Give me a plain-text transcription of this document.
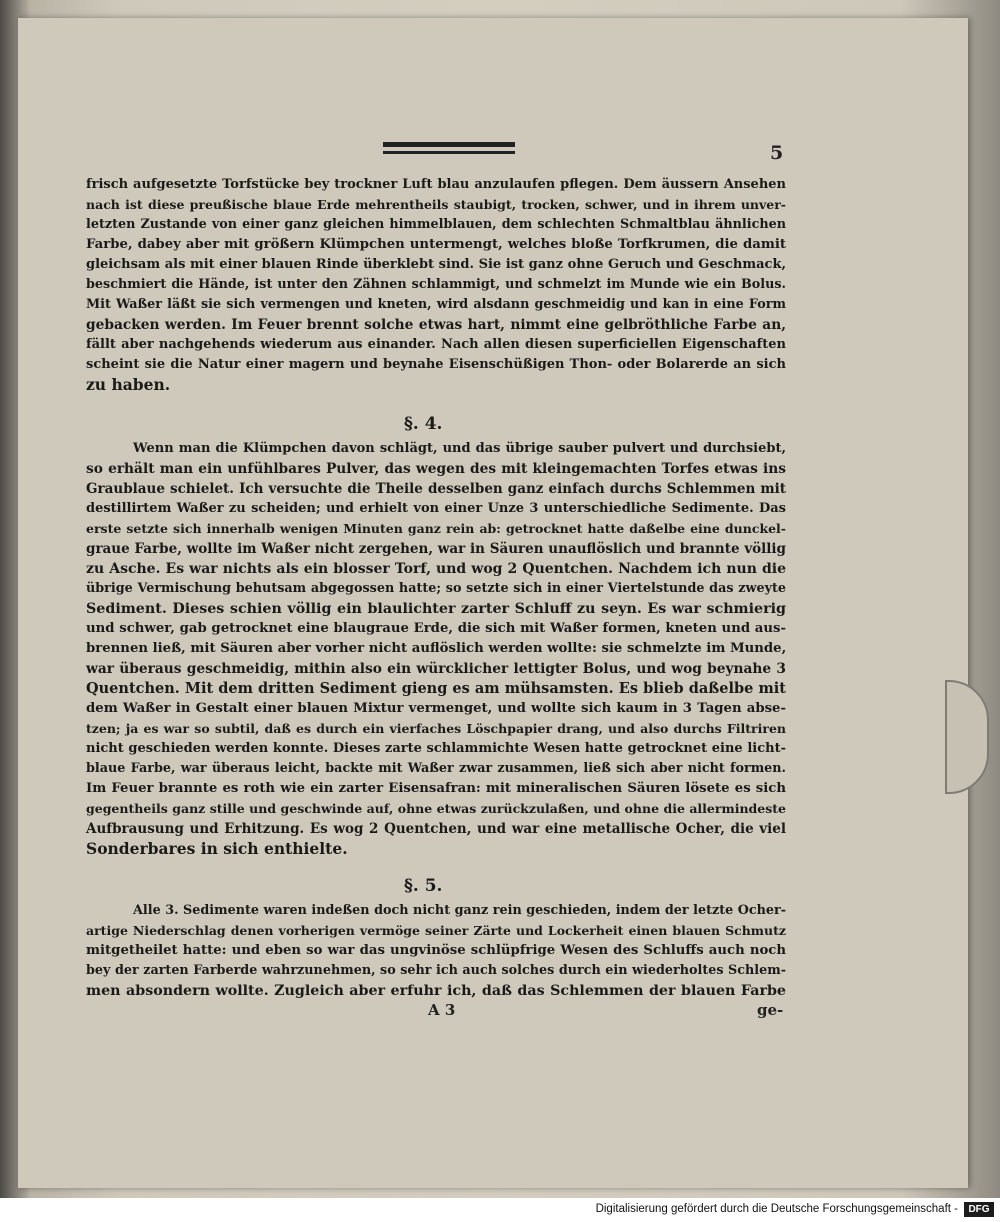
5
frisch aufgesetzte Torfstücke bey trockner Luft blau anzulaufen pflegen. Dem äussern Ansehen
nach ist diese preußische blaue Erde mehrentheils staubigt, trocken, schwer, und in ihrem unver-
letzten Zustande von einer ganz gleichen himmelblauen, dem schlechten Schmaltblau ähnlichen
Farbe, dabey aber mit größern Klümpchen untermengt, welches bloße Torfkrumen, die damit
gleichsam als mit einer blauen Rinde überklebt sind. Sie ist ganz ohne Geruch und Geschmack,
beschmiert die Hände, ist unter den Zähnen schlammigt, und schmelzt im Munde wie ein Bolus.
Mit Waßer läßt sie sich vermengen und kneten, wird alsdann geschmeidig und kan in eine Form
gebacken werden. Im Feuer brennt solche etwas hart, nimmt eine gelbröthliche Farbe an,
fällt aber nachgehends wiederum aus einander. Nach allen diesen superficiellen Eigenschaften
scheint sie die Natur einer magern und beynahe Eisenschüßigen Thon- oder Bolarerde an sich
zu haben.
§. 4.
Wenn man die Klümpchen davon schlägt, und das übrige sauber pulvert und durchsiebt,
so erhält man ein unfühlbares Pulver, das wegen des mit kleingemachten Torfes etwas ins
Graublaue schielet. Ich versuchte die Theile desselben ganz einfach durchs Schlemmen mit
destillirtem Waßer zu scheiden; und erhielt von einer Unze 3 unterschiedliche Sedimente. Das
erste setzte sich innerhalb wenigen Minuten ganz rein ab: getrocknet hatte daßelbe eine dunckel-
graue Farbe, wollte im Waßer nicht zergehen, war in Säuren unauflöslich und brannte völlig
zu Asche. Es war nichts als ein blosser Torf, und wog 2 Quentchen. Nachdem ich nun die
übrige Vermischung behutsam abgegossen hatte; so setzte sich in einer Viertelstunde das zweyte
Sediment. Dieses schien völlig ein blaulichter zarter Schluff zu seyn. Es war schmierig
und schwer, gab getrocknet eine blaugraue Erde, die sich mit Waßer formen, kneten und aus-
brennen ließ, mit Säuren aber vorher nicht auflöslich werden wollte: sie schmelzte im Munde,
war überaus geschmeidig, mithin also ein würcklicher lettigter Bolus, und wog beynahe 3
Quentchen. Mit dem dritten Sediment gieng es am mühsamsten. Es blieb daßelbe mit
dem Waßer in Gestalt einer blauen Mixtur vermenget, und wollte sich kaum in 3 Tagen abse-
tzen; ja es war so subtil, daß es durch ein vierfaches Löschpapier drang, und also durchs Filtriren
nicht geschieden werden konnte. Dieses zarte schlammichte Wesen hatte getrocknet eine licht-
blaue Farbe, war überaus leicht, backte mit Waßer zwar zusammen, ließ sich aber nicht formen.
Im Feuer brannte es roth wie ein zarter Eisensafran: mit mineralischen Säuren lösete es sich
gegentheils ganz stille und geschwinde auf, ohne etwas zurückzulaßen, und ohne die allermindeste
Aufbrausung und Erhitzung. Es wog 2 Quentchen, und war eine metallische Ocher, die viel
Sonderbares in sich enthielte.
§. 5.
Alle 3. Sedimente waren indeßen doch nicht ganz rein geschieden, indem der letzte Ocher-
artige Niederschlag denen vorherigen vermöge seiner Zärte und Lockerheit einen blauen Schmutz
mitgetheilet hatte: und eben so war das ungvinöse schlüpfrige Wesen des Schluffs auch noch
bey der zarten Farberde wahrzunehmen, so sehr ich auch solches durch ein wiederholtes Schlem-
men absondern wollte. Zugleich aber erfuhr ich, daß das Schlemmen der blauen Farbe
A 3	ge-
Digitalisierung gefördert durch die Deutsche Forschungsgemeinschaft -	DFG
